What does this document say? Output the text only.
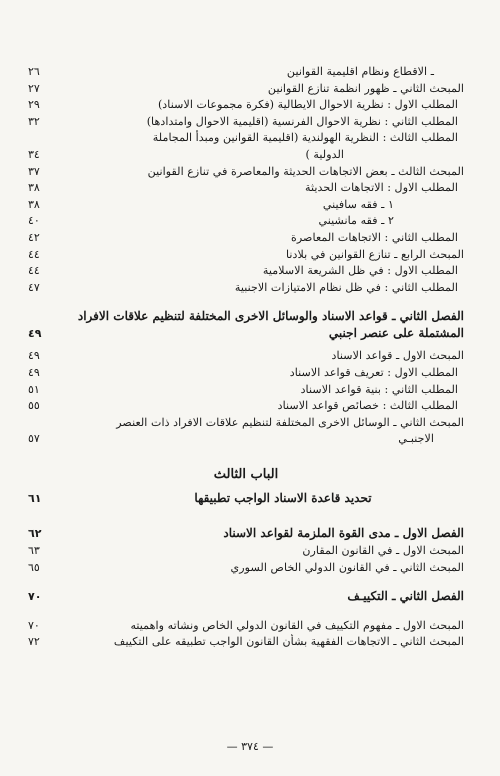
ـ الاقطاع ونظام اقليمية القوانين
٢٦
المبحث الثاني ـ ظهور انظمة تنازع القوانين
٢٧
المطلب الاول : نظرية الاحوال الايطالية (فكرة مجموعات الاسناد)
٢٩
المطلب الثاني : نظرية الاحوال الفرنسية (اقليمية الاحوال وامتدادها)
٣٢
المطلب الثالث : النظرية الهولندية (اقليمية القوانين ومبدأ المجاملة
الدولية )
٣٤
المبحث الثالث ـ بعض الاتجاهات الحديثة والمعاصرة في تنازع القوانين
٣٧
المطلب الاول : الاتجاهات الحديثة
٣٨
١ ـ فقه سافيني
٣٨
٢ ـ فقه مانشيني
٤٠
المطلب الثاني : الاتجاهات المعاصرة
٤٢
المبحث الرابع ـ تنازع القوانين في بلادنا
٤٤
المطلب الاول : في ظل الشريعة الاسلامية
٤٤
المطلب الثاني : في ظل نظام الامتيازات الاجنبية
٤٧
الفصل الثاني ـ قواعد الاسناد والوسائل الاخرى المختلفة لتنظيم علاقات الافراد المشتملة على عنصر اجنبي
٤٩
المبحث الاول ـ قواعد الاسناد
٤٩
المطلب الاول : تعريف قواعد الاسناد
٤٩
المطلب الثاني : بنية قواعد الاسناد
٥١
المطلب الثالث : خصائص قواعد الاسناد
٥٥
المبحث الثاني ـ الوسائل الاخرى المختلفة لتنظيم علاقات الافراد ذات العنصر
الاجنبـي
٥٧
الباب الثالث
تحديد قاعدة الاسناد الواجب تطبيقها
٦١
الفصل الاول ـ مدى القوة الملزمة لقواعد الاسناد
٦٢
المبحث الاول ـ في القانون المقارن
٦٣
المبحث الثاني ـ في القانون الدولي الخاص السوري
٦٥
الفصل الثاني ـ التكييـف
٧٠
المبحث الاول ـ مفهوم التكييف في القانون الدولي الخاص ونشاته واهميته
٧٠
المبحث الثاني ـ الاتجاهات الفقهية بشأن القانون الواجب تطبيقه على التكييف
٧٢
— ٣٧٤ —
